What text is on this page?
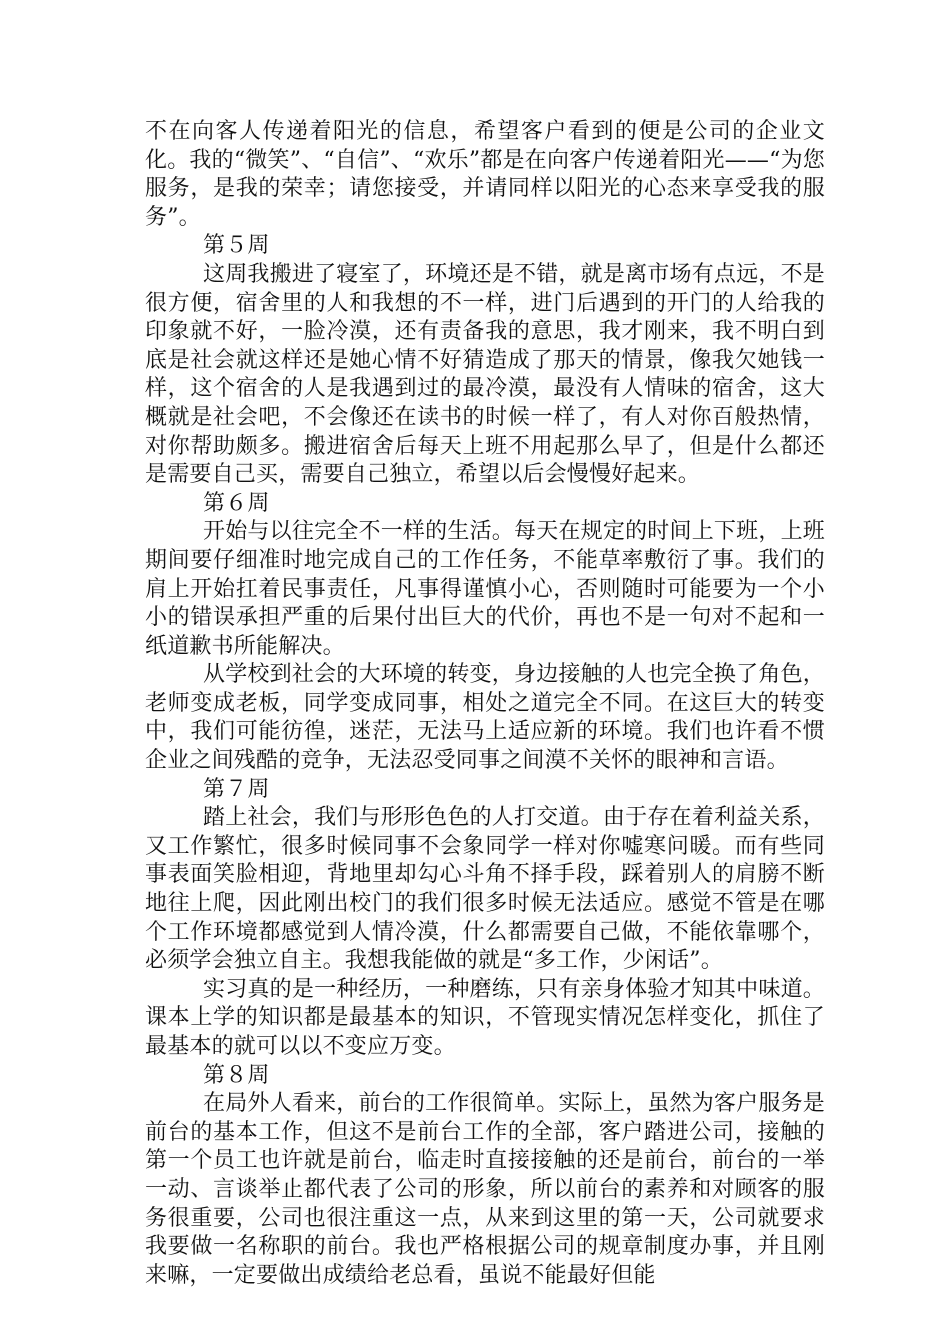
不在向客人传递着阳光的信息，希望客户看到的便是公司的企业文化。我的“微笑”、“自信”、“欢乐”都是在向客户传递着阳光——“为您服务，是我的荣幸；请您接受，并请同样以阳光的心态来享受我的服务”。

第５周

这周我搬进了寝室了，环境还是不错，就是离市场有点远，不是很方便，宿舍里的人和我想的不一样，进门后遇到的开门的人给我的印象就不好，一脸冷漠，还有责备我的意思，我才刚来，我不明白到底是社会就这样还是她心情不好猜造成了那天的情景，像我欠她钱一样，这个宿舍的人是我遇到过的最冷漠，最没有人情味的宿舍，这大概就是社会吧，不会像还在读书的时候一样了，有人对你百般热情，对你帮助颇多。搬进宿舍后每天上班不用起那么早了，但是什么都还是需要自己买，需要自己独立，希望以后会慢慢好起来。

第６周

开始与以往完全不一样的生活。每天在规定的时间上下班，上班期间要仔细准时地完成自己的工作任务，不能草率敷衍了事。我们的肩上开始扛着民事责任，凡事得谨慎小心，否则随时可能要为一个小小的错误承担严重的后果付出巨大的代价，再也不是一句对不起和一纸道歉书所能解决。

从学校到社会的大环境的转变，身边接触的人也完全换了角色，老师变成老板，同学变成同事，相处之道完全不同。在这巨大的转变中，我们可能彷徨，迷茫，无法马上适应新的环境。我们也许看不惯企业之间残酷的竞争，无法忍受同事之间漠不关怀的眼神和言语。

第７周

踏上社会，我们与形形色色的人打交道。由于存在着利益关系，又工作繁忙，很多时候同事不会象同学一样对你嘘寒问暖。而有些同事表面笑脸相迎，背地里却勾心斗角不择手段，踩着别人的肩膀不断地往上爬，因此刚出校门的我们很多时候无法适应。感觉不管是在哪个工作环境都感觉到人情冷漠，什么都需要自己做，不能依靠哪个，必须学会独立自主。我想我能做的就是“多工作，少闲话”。

实习真的是一种经历，一种磨练，只有亲身体验才知其中味道。课本上学的知识都是最基本的知识，不管现实情况怎样变化，抓住了最基本的就可以以不变应万变。

第８周

在局外人看来，前台的工作很简单。实际上，虽然为客户服务是前台的基本工作，但这不是前台工作的全部，客户踏进公司，接触的第一个员工也许就是前台，临走时直接接触的还是前台，前台的一举一动、言谈举止都代表了公司的形象，所以前台的素养和对顾客的服务很重要，公司也很注重这一点，从来到这里的第一天，公司就要求我要做一名称职的前台。我也严格根据公司的规章制度办事，并且刚来嘛，一定要做出成绩给老总看，虽说不能最好但能
